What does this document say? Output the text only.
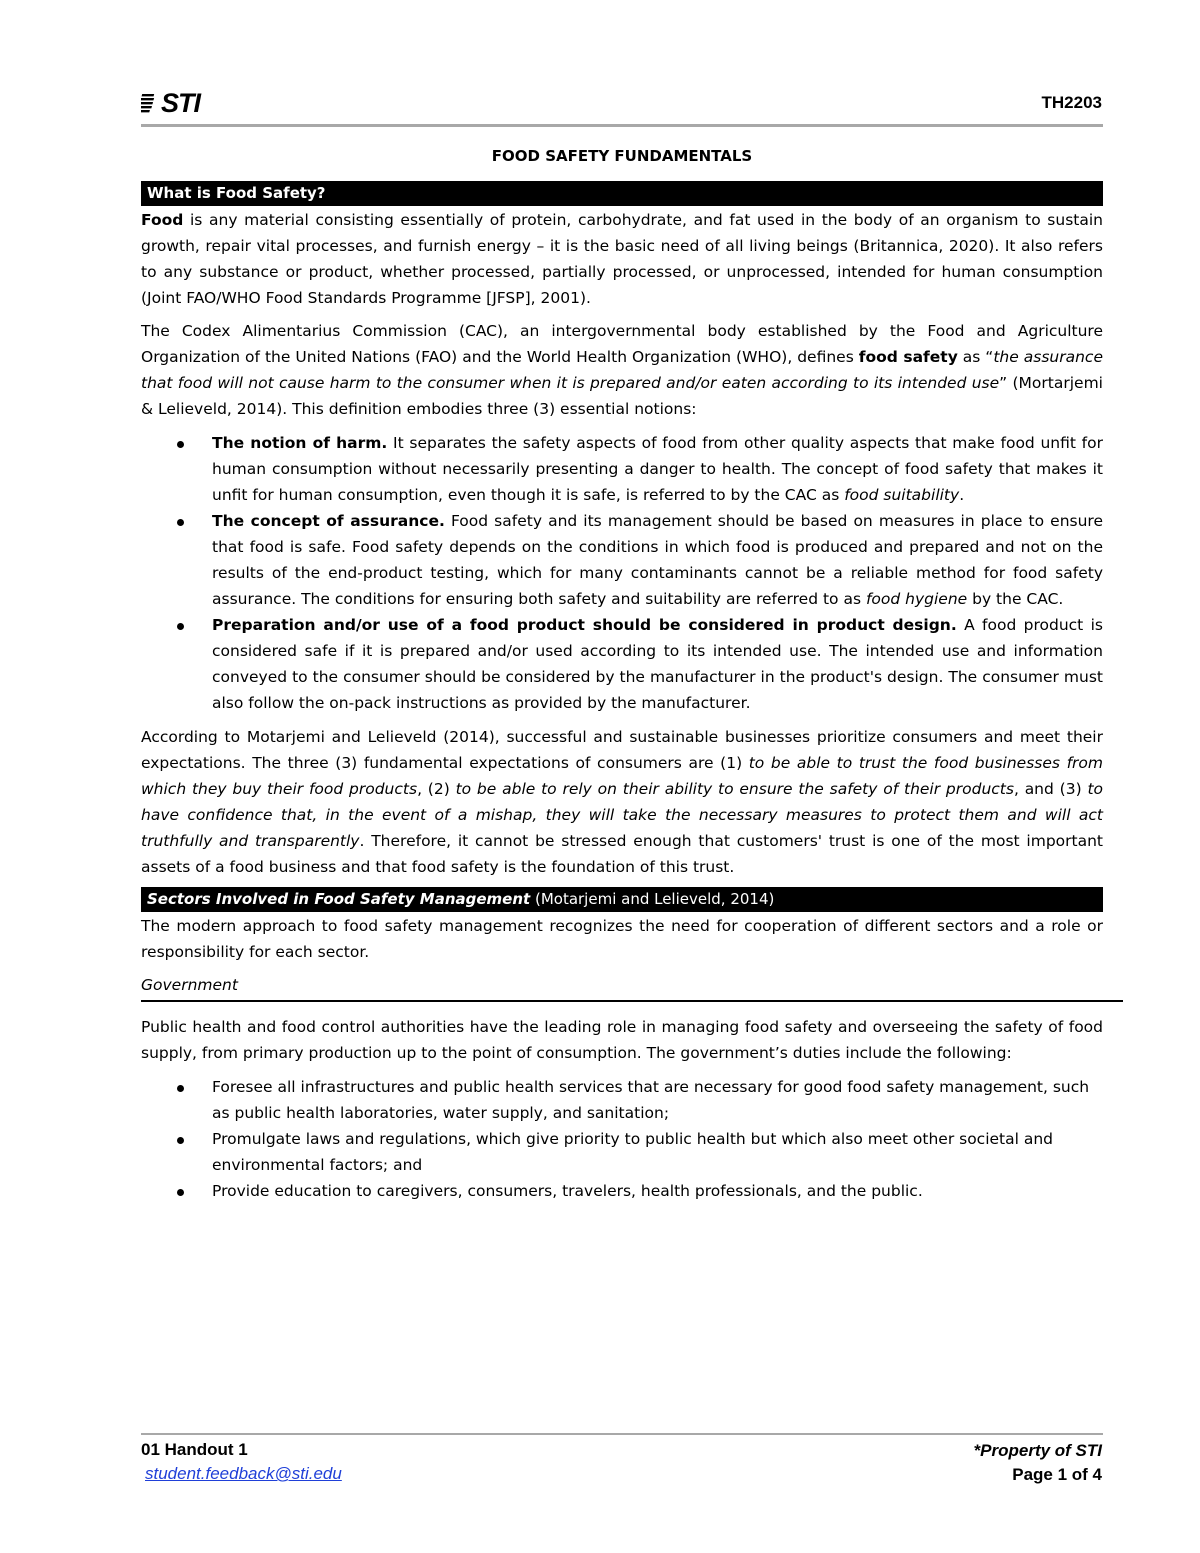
STI	TH2203
FOOD SAFETY FUNDAMENTALS
What is Food Safety?

Food is any material consisting essentially of protein, carbohydrate, and fat used in the body of an organism to sustain growth, repair vital processes, and furnish energy – it is the basic need of all living beings (Britannica, 2020). It also refers to any substance or product, whether processed, partially processed, or unprocessed, intended for human consumption (Joint FAO/WHO Food Standards Programme [JFSP], 2001).

The Codex Alimentarius Commission (CAC), an intergovernmental body established by the Food and Agriculture Organization of the United Nations (FAO) and the World Health Organization (WHO), defines food safety as “the assurance that food will not cause harm to the consumer when it is prepared and/or eaten according to its intended use” (Mortarjemi & Lelieveld, 2014). This definition embodies three (3) essential notions:

The notion of harm. It separates the safety aspects of food from other quality aspects that make food unfit for human consumption without necessarily presenting a danger to health. The concept of food safety that makes it unfit for human consumption, even though it is safe, is referred to by the CAC as food suitability.
The concept of assurance. Food safety and its management should be based on measures in place to ensure that food is safe. Food safety depends on the conditions in which food is produced and prepared and not on the results of the end-product testing, which for many contaminants cannot be a reliable method for food safety assurance. The conditions for ensuring both safety and suitability are referred to as food hygiene by the CAC.
Preparation and/or use of a food product should be considered in product design. A food product is considered safe if it is prepared and/or used according to its intended use. The intended use and information conveyed to the consumer should be considered by the manufacturer in the product's design. The consumer must also follow the on-pack instructions as provided by the manufacturer.

According to Motarjemi and Lelieveld (2014), successful and sustainable businesses prioritize consumers and meet their expectations. The three (3) fundamental expectations of consumers are (1) to be able to trust the food businesses from which they buy their food products, (2) to be able to rely on their ability to ensure the safety of their products, and (3) to have confidence that, in the event of a mishap, they will take the necessary measures to protect them and will act truthfully and transparently. Therefore, it cannot be stressed enough that customers' trust is one of the most important assets of a food business and that food safety is the foundation of this trust.

Sectors Involved in Food Safety Management (Motarjemi and Lelieveld, 2014)

The modern approach to food safety management recognizes the need for cooperation of different sectors and a role or responsibility for each sector.

Government

Public health and food control authorities have the leading role in managing food safety and overseeing the safety of food supply, from primary production up to the point of consumption. The government’s duties include the following:

Foresee all infrastructures and public health services that are necessary for good food safety management, such as public health laboratories, water supply, and sanitation;
Promulgate laws and regulations, which give priority to public health but which also meet other societal and environmental factors; and
Provide education to caregivers, consumers, travelers, health professionals, and the public.
01 Handout 1
student.feedback@sti.edu
*Property of STI
Page 1 of 4
